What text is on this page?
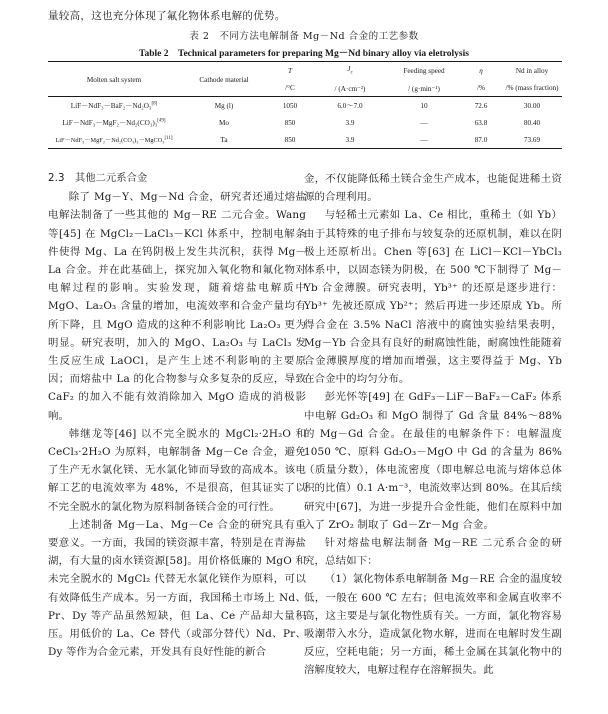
量较高，这也充分体现了氟化物体系电解的优势。
表 2　不同方法电解制备 Mg－Nd 合金的工艺参数
Table 2　Technical parameters for preparing Mg－Nd binary alloy via eletrolysis
Molten salt system	Cathode material	T	$J_c$	Feeding speed	η	Nd in alloy
		/°C	/ (A·cm⁻²)	/ (g·min⁻¹)	/%	/% (mass fraction)
LiF－NdF₃－BaF₂－Nd₂O₃[8]	Mg (l)	1050	6.0～7.0	10	72.6	30.00
LiF－NdF₃－MgF₂－Nd₂(CO₃)₃[49]	Mo	850	3.9	—	63.8	80.40
LiF－NdF₃－MgF₂－Nd₂(CO₃)₃－MgCO₃[11]	Ta	850	3.9	—	87.0	73.69

2.3　其他二元系合金

除了 Mg－Y、Mg－Nd 合金，研究者还通过熔盐电解法制备了一些其他的 Mg－RE 二元合金。Wang 等[45] 在 MgCl₂－LaCl₃－KCl 体系中，控制电解条件使得 Mg、La 在钨阴极上发生共沉积，获得 Mg－La 合金。并在此基础上，探究加入氧化物和氟化物对电解过程的影响。实验发现，随着熔盐电解质中 MgO、La₂O₃ 含量的增加，电流效率和合金产量均有所下降，且 MgO 造成的这种不利影响比 La₂O₃ 更为明显。研究表明，加入的 MgO、La₂O₃ 与 LaCl₃ 发生反应生成 LaOCl，是产生上述不利影响的主要原因；而熔盐中 La 的化合物参与众多复杂的反应，导致 CaF₂ 的加入不能有效消除加入 MgO 造成的消极影响。

韩继龙等[46] 以不完全脱水的 MgCl₂·2H₂O 和 CeCl₃·2H₂O 为原料，电解制备 Mg－Ce 合金，避免了生产无水氯化镁、无水氯化铈而导致的高成本。该电解工艺的电流效率为 48%，不是很高，但其证实了以不完全脱水的氯化物为原料制备镁合金的可行性。

上述制备 Mg－La、Mg－Ce 合金的研究具有重要意义。一方面，我国的镁资源丰富，特别是在青海盐湖，有大量的卤水镁资源[58]。用价格低廉的 MgO 和未完全脱水的 MgCl₂ 代替无水氯化镁作为原料，可以有效降低生产成本。另一方面，我国稀土市场上 Nd、Pr、Dy 等产品虽然短缺，但 La、Ce 产品却大量积压。用低价的 La、Ce 替代（或部分替代）Nd、Pr、Dy 等作为合金元素，开发具有良好性能的新合

金，不仅能降低稀土镁合金生产成本，也能促进稀土资源的合理利用。

与轻稀土元素如 La、Ce 相比，重稀土（如 Yb）由于其特殊的电子排布与较复杂的还原机制，难以在阴极上还原析出。Chen 等[63] 在 LiCl－KCl－YbCl₃ 体系中，以固态镁为阴极，在 500 ℃下制得了 Mg－Yb 合金薄膜。研究表明，Yb³⁺ 的还原是逐步进行：Yb³⁺ 先被还原成 Yb²⁺；然后再进一步还原成 Yb。所得合金在 3.5% NaCl 溶液中的腐蚀实验结果表明，Mg－Yb 合金具有良好的耐腐蚀性能，耐腐蚀性能随着合金薄膜厚度的增加而增强，这主要得益于 Mg、Yb 在合金中的均匀分布。

彭光怀等[49] 在 GdF₃－LiF－BaF₂－CaF₂ 体系中电解 Gd₂O₃ 和 MgO 制得了 Gd 含量 84%～88% 的 Mg－Gd 合金。在最佳的电解条件下：电解温度 1050 ℃、原料 Gd₂O₃－MgO 中 Gd 的含量为 86%（质量分数），体电流密度（即电解总电流与熔体总体积的比值）0.1 A·m⁻³，电流效率达到 80%。在其后续研究中[67]，为进一步提升合金性能，他们在原料中加入了 ZrO₂ 制取了 Gd－Zr－Mg 合金。

针对熔盐电解法制备 Mg－RE 二元系合金的研究，总结如下：

（1）氯化物体系电解制备 Mg－RE 合金的温度较低，一般在 600 ℃ 左右；但电流效率和金属直收率不高，这主要是与氯化物性质有关。一方面，氯化物容易吸潮带入水分，造成氯化物水解，进而在电解时发生副反应，空耗电能；另一方面，稀土金属在其氯化物中的溶解度较大，电解过程存在溶解损失。此
